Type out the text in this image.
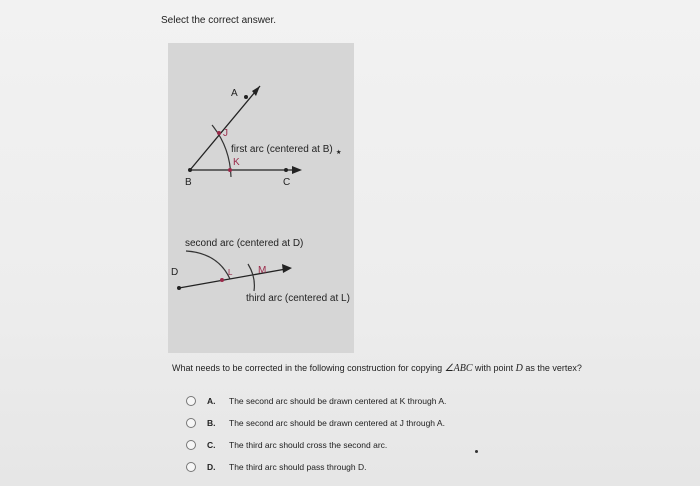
Select the correct answer.
A
B	C
J
K
first arc (centered at B) ⭑
second arc (centered at D)
D	L	M
third arc (centered at L)
What needs to be corrected in the following construction for copying ∠ABC with point D as the vertex?
A.	The second arc should be drawn centered at K through A.
B.	The second arc should be drawn centered at J through A.
C.	The third arc should cross the second arc.
D.	The third arc should pass through D.
